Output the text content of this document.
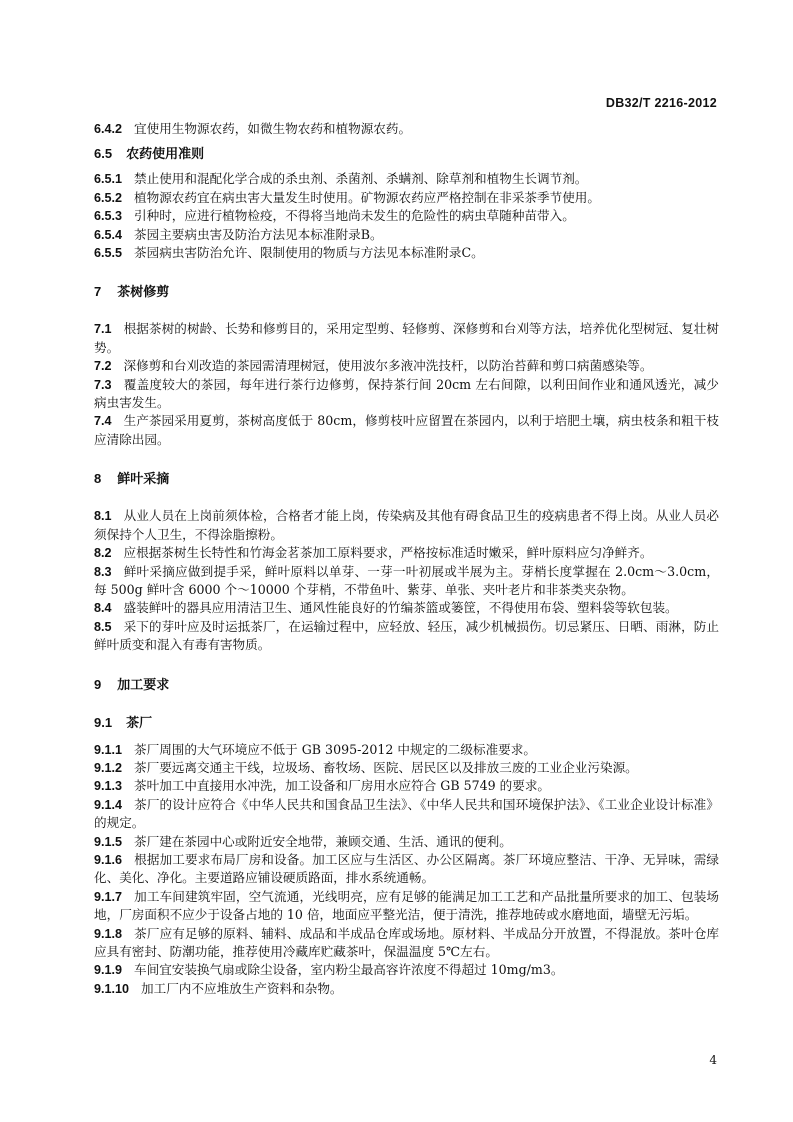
DB32/T 2216-2012
6.4.2 宜使用生物源农药，如微生物农药和植物源农药。
6.5 农药使用准则
6.5.1 禁止使用和混配化学合成的杀虫剂、杀菌剂、杀螨剂、除草剂和植物生长调节剂。
6.5.2 植物源农药宜在病虫害大量发生时使用。矿物源农药应严格控制在非采茶季节使用。
6.5.3 引种时，应进行植物检疫，不得将当地尚未发生的危险性的病虫草随种苗带入。
6.5.4 茶园主要病虫害及防治方法见本标准附录B。
6.5.5 茶园病虫害防治允许、限制使用的物质与方法见本标准附录C。
7 茶树修剪
7.1 根据茶树的树龄、长势和修剪目的，采用定型剪、轻修剪、深修剪和台刈等方法，培养优化型树冠、复壮树势。
7.2 深修剪和台刈改造的茶园需清理树冠，使用波尔多液冲洗技杆，以防治苔藓和剪口病菌感染等。
7.3 覆盖度较大的茶园，每年进行茶行边修剪，保持茶行间 20cm 左右间隙，以利田间作业和通风透光，减少病虫害发生。
7.4 生产茶园采用夏剪，茶树高度低于 80cm，修剪枝叶应留置在茶园内，以利于培肥土壤，病虫枝条和粗干枝应清除出园。
8 鲜叶采摘
8.1 从业人员在上岗前须体检，合格者才能上岗，传染病及其他有碍食品卫生的疫病患者不得上岗。从业人员必须保持个人卫生，不得涂脂擦粉。
8.2 应根据茶树生长特性和竹海金茗茶加工原料要求，严格按标准适时嫩采，鲜叶原料应匀净鲜齐。
8.3 鲜叶采摘应做到提手采，鲜叶原料以单芽、一芽一叶初展或半展为主。芽梢长度掌握在 2.0cm～3.0cm，每 500g 鲜叶含 6000 个～10000 个芽梢，不带鱼叶、紫芽、单张、夹叶老片和非茶类夹杂物。
8.4 盛装鲜叶的器具应用清洁卫生、通风性能良好的竹编茶篮或篓筐，不得使用布袋、塑料袋等软包装。
8.5 采下的芽叶应及时运抵茶厂，在运输过程中，应轻放、轻压，减少机械损伤。切忌紧压、日晒、雨淋，防止鲜叶质变和混入有毒有害物质。
9 加工要求
9.1 茶厂
9.1.1 茶厂周围的大气环境应不低于 GB 3095-2012 中规定的二级标准要求。
9.1.2 茶厂要远离交通主干线，垃圾场、畜牧场、医院、居民区以及排放三废的工业企业污染源。
9.1.3 茶叶加工中直接用水冲洗，加工设备和厂房用水应符合 GB 5749 的要求。
9.1.4 茶厂的设计应符合《中华人民共和国食品卫生法》、《中华人民共和国环境保护法》、《工业企业设计标准》的规定。
9.1.5 茶厂建在茶园中心或附近安全地带，兼顾交通、生活、通讯的便利。
9.1.6 根据加工要求布局厂房和设备。加工区应与生活区、办公区隔离。茶厂环境应整洁、干净、无异味，需绿化、美化、净化。主要道路应铺设硬质路面，排水系统通畅。
9.1.7 加工车间建筑牢固，空气流通，光线明亮，应有足够的能满足加工工艺和产品批量所要求的加工、包装场地，厂房面积不应少于设备占地的 10 倍，地面应平整光洁，便于清洗，推荐地砖或水磨地面，墙壁无污垢。
9.1.8 茶厂应有足够的原料、辅料、成品和半成品仓库或场地。原材料、半成品分开放置，不得混放。茶叶仓库应具有密封、防潮功能，推荐使用冷藏库贮藏茶叶，保温温度 5℃左右。
9.1.9 车间宜安装换气扇或除尘设备，室内粉尘最高容许浓度不得超过 10mg/m3。
9.1.10 加工厂内不应堆放生产资料和杂物。
4
